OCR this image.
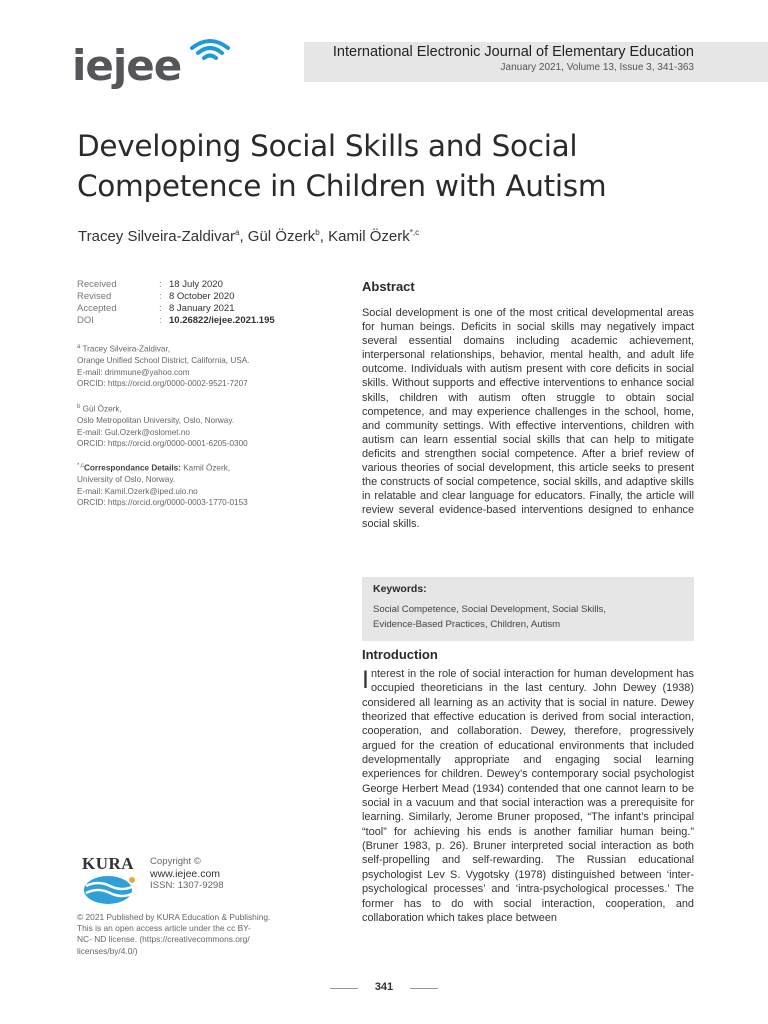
iejee	International Electronic Journal of Elementary Education
January 2021, Volume 13, Issue 3, 341-363
Developing Social Skills and Social
Competence in Children with Autism
Tracey Silveira-Zaldivar$^a$, Gül Özerk$^b$, Kamil Özerk$^{*,c}$
Received	: 18 July 2020
Revised	: 8 October 2020
Accepted	: 8 January 2021
DOI	: 10.26822/iejee.2021.195
$^a$ Tracey Silveira-Zaldivar,
Orange Unified School District, California, USA.
E-mail: drimmune@yahoo.com
ORCID: https://orcid.org/0000-0002-9521-7207
$^b$ Gül Özerk,
Oslo Metropolitan University, Oslo, Norway.
E-mail: Gul.Ozerk@oslomet.no
ORCID: https://orcid.org/0000-0001-6205-0300
$^{*,c}$Correspondance Details: Kamil Özerk,
University of Oslo, Norway.
E-mail: Kamil.Ozerk@iped.uio.no
ORCID: https://orcid.org/0000-0003-1770-0153
KURA Copyright ©
www.iejee.com
ISSN: 1307-9298
© 2021 Published by KURA Education & Publishing.
This is an open access article under the cc BY-
NC- ND license. (https://creativecommons.org/
licenses/by/4.0/)
Abstract

Social development is one of the most critical developmental areas for human beings. Deficits in social skills may negatively impact several essential domains including academic achievement, interpersonal relationships, behavior, mental health, and adult life outcome. Individuals with autism present with core deficits in social skills. Without supports and effective interventions to enhance social skills, children with autism often struggle to obtain social competence, and may experience challenges in the school, home, and community settings. With effective interventions, children with autism can learn essential social skills that can help to mitigate deficits and strengthen social competence. After a brief review of various theories of social development, this article seeks to present the constructs of social competence, social skills, and adaptive skills in relatable and clear language for educators. Finally, the article will review several evidence-based interventions designed to enhance social skills.

Keywords:
Social Competence, Social Development, Social Skills,
Evidence-Based Practices, Children, Autism
Introduction

Interest in the role of social interaction for human development has occupied theoreticians in the last century. John Dewey (1938) considered all learning as an activity that is social in nature. Dewey theorized that effective education is derived from social interaction, cooperation, and collaboration. Dewey, therefore, progressively argued for the creation of educational environments that included developmentally appropriate and engaging social learning experiences for children. Dewey’s contemporary social psychologist George Herbert Mead (1934) contended that one cannot learn to be social in a vacuum and that social interaction was a prerequisite for learning. Similarly, Jerome Bruner proposed, “The infant’s principal “tool” for achieving his ends is another familiar human being.” (Bruner 1983, p. 26). Bruner interpreted social interaction as both self-propelling and self-rewarding. The Russian educational psychologist Lev S. Vygotsky (1978) distinguished between ‘inter-psychological processes’ and ‘intra-psychological processes.’ The former has to do with social interaction, cooperation, and collaboration which takes place between

341
